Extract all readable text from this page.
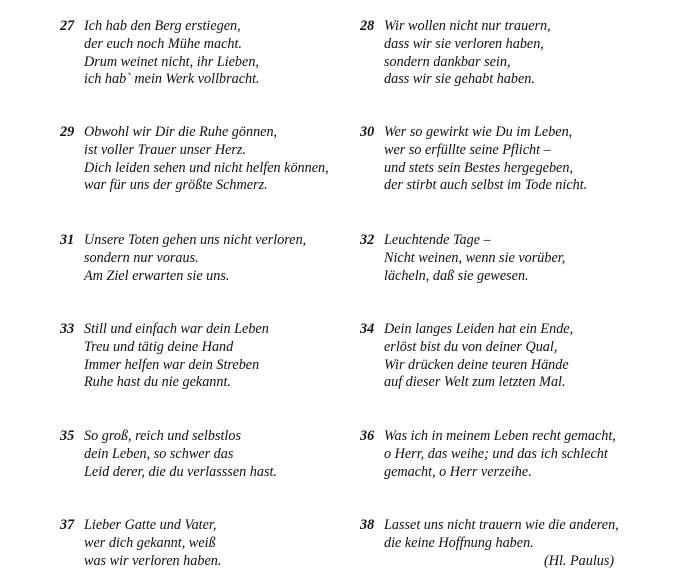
27 Ich hab den Berg erstiegen,
der euch noch Mühe macht.
Drum weinet nicht, ihr Lieben,
ich hab` mein Werk vollbracht.
29 Obwohl wir Dir die Ruhe gönnen,
ist voller Trauer unser Herz.
Dich leiden sehen und nicht helfen können,
war für uns der größte Schmerz.
31 Unsere Toten gehen uns nicht verloren,
sondern nur voraus.
Am Ziel erwarten sie uns.
33 Still und einfach war dein Leben
Treu und tätig deine Hand
Immer helfen war dein Streben
Ruhe hast du nie gekannt.
35 So groß, reich und selbstlos
dein Leben, so schwer das
Leid derer, die du verlasssen hast.
37 Lieber Gatte und Vater,
wer dich gekannt, weiß
was wir verloren haben.
28 Wir wollen nicht nur trauern,
dass wir sie verloren haben,
sondern dankbar sein,
dass wir sie gehabt haben.
30 Wer so gewirkt wie Du im Leben,
wer so erfüllte seine Pflicht –
und stets sein Bestes hergegeben,
der stirbt auch selbst im Tode nicht.
32 Leuchtende Tage –
Nicht weinen, wenn sie vorüber,
lächeln, daß sie gewesen.
34 Dein langes Leiden hat ein Ende,
erlöst bist du von deiner Qual,
Wir drücken deine teuren Hände
auf dieser Welt zum letzten Mal.
36 Was ich in meinem Leben recht gemacht,
o Herr, das weihe; und das ich schlecht
gemacht, o Herr verzeihe.
38 Lasset uns nicht trauern wie die anderen,
die keine Hoffnung haben.
(Hl. Paulus)
